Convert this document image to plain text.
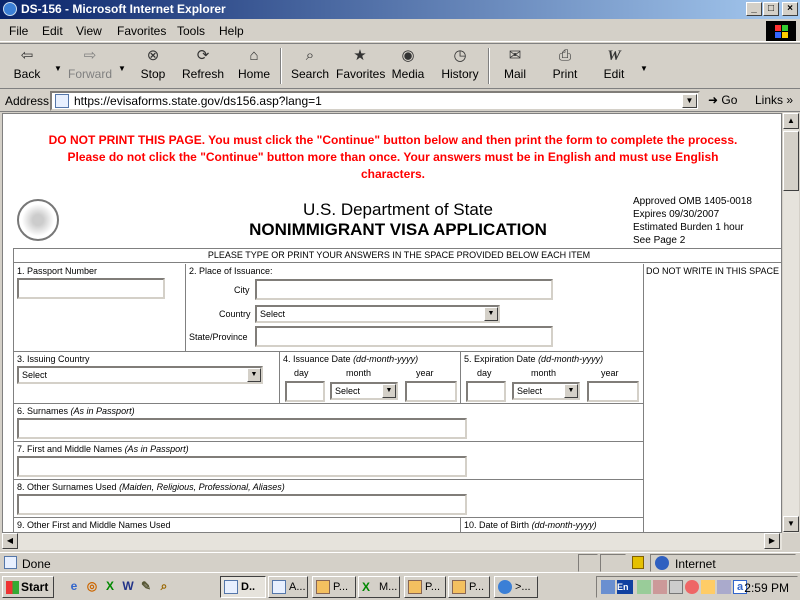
DS-156 - Microsoft Internet Explorer	_	□	×
File Edit View Favorites Tools Help
⇦
Back	▼
⇨
Forward ▼
⊗
Stop
⟳
Refresh
⌂
Home
⌕
Search
★
Favorites
◉
Media
◷
History
✉
Mail
⎙
Print
W
Edit	▼
Address	https://evisaforms.state.gov/ds156.asp?lang=1	▼ ➜ Go Links »
DO NOT PRINT THIS PAGE. You must click the "Continue" button below and then print the form to complete the process.
Please do not click the "Continue" button more than once. Your answers must be in English and must use English
characters.
U.S. Department of State
NONIMMIGRANT VISA APPLICATION
Approved OMB 1405-0018
Expires 09/30/2007
Estimated Burden 1 hour
See Page 2
PLEASE TYPE OR PRINT YOUR ANSWERS IN THE SPACE PROVIDED BELOW EACH ITEM
DO NOT WRITE IN THIS SPACE
1. Passport Number	2. Place of Issuance:
City
Country	Select	▼
State/Province
3. Issuing Country
Select	▼
4. Issuance Date (dd-month-yyyy)
day	month	year
Select	▼
5. Expiration Date (dd-month-yyyy)
day	month	year
Select	▼
6. Surnames (As in Passport)
7. First and Middle Names (As in Passport)
8. Other Surnames Used (Maiden, Religious, Professional, Aliases)
9. Other First and Middle Names Used	10. Date of Birth (dd-month-yyyy)
▲
▼
◀	▶
Done	Internet
Start	e ◎ X W ✎ ⌕	D..	A...	P...	X M...	P...	P...	>...	En	a 2:59 PM
